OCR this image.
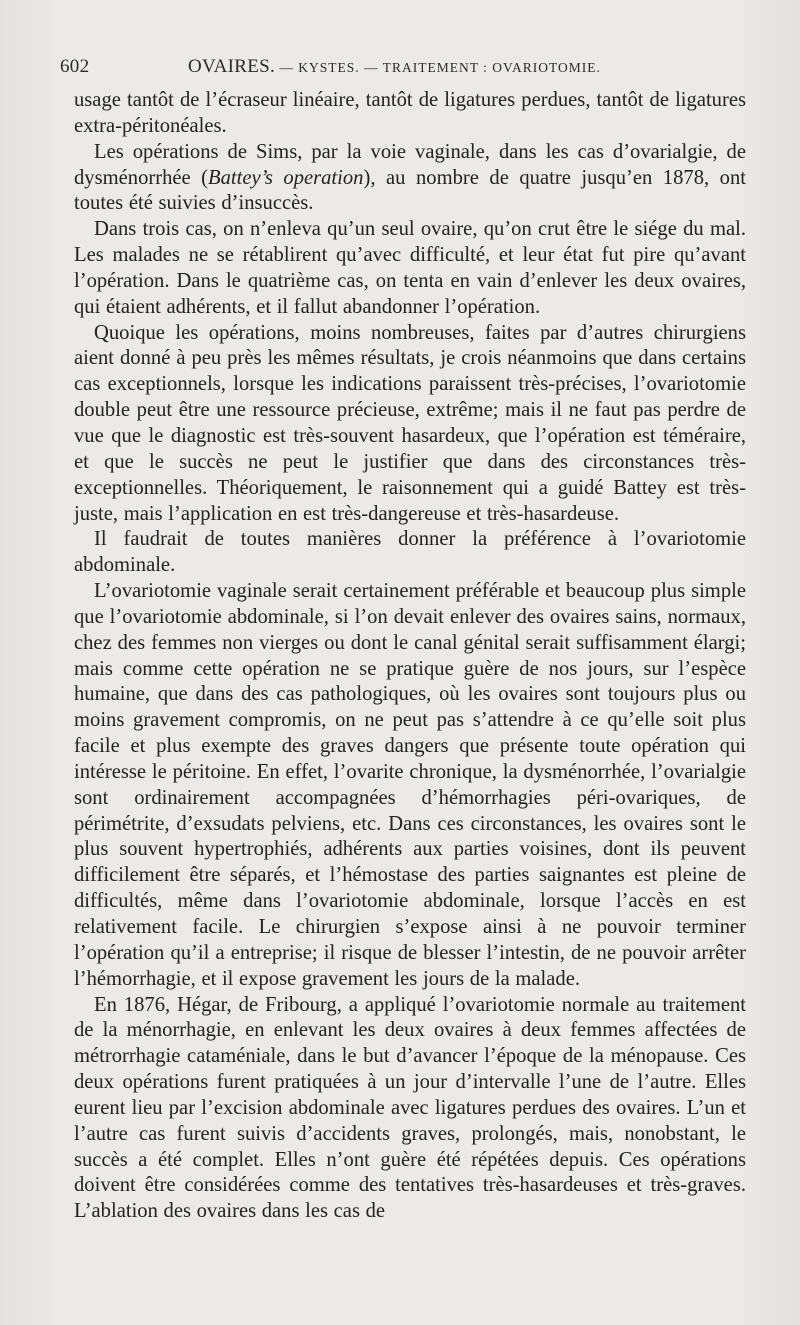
602	OVAIRES. — KYSTES. — TRAITEMENT : OVARIOTOMIE.

usage tantôt de l’écraseur linéaire, tantôt de ligatures perdues, tantôt de ligatures extra-péritonéales.

Les opérations de Sims, par la voie vaginale, dans les cas d’ovarialgie, de dysménorrhée (Battey’s operation), au nombre de quatre jusqu’en 1878, ont toutes été suivies d’insuccès.

Dans trois cas, on n’enleva qu’un seul ovaire, qu’on crut être le siége du mal. Les malades ne se rétablirent qu’avec difficulté, et leur état fut pire qu’avant l’opération. Dans le quatrième cas, on tenta en vain d’enlever les deux ovaires, qui étaient adhérents, et il fallut abandonner l’opération.

Quoique les opérations, moins nombreuses, faites par d’autres chirurgiens aient donné à peu près les mêmes résultats, je crois néanmoins que dans certains cas exceptionnels, lorsque les indications paraissent très-précises, l’ovariotomie double peut être une ressource précieuse, extrême; mais il ne faut pas perdre de vue que le diagnostic est très-souvent hasardeux, que l’opération est téméraire, et que le succès ne peut le justifier que dans des circonstances très-exceptionnelles. Théoriquement, le raisonnement qui a guidé Battey est très-juste, mais l’application en est très-dangereuse et très-hasardeuse.

Il faudrait de toutes manières donner la préférence à l’ovariotomie abdominale.

L’ovariotomie vaginale serait certainement préférable et beaucoup plus simple que l’ovariotomie abdominale, si l’on devait enlever des ovaires sains, normaux, chez des femmes non vierges ou dont le canal génital serait suffisamment élargi; mais comme cette opération ne se pratique guère de nos jours, sur l’espèce humaine, que dans des cas pathologiques, où les ovaires sont toujours plus ou moins gravement compromis, on ne peut pas s’attendre à ce qu’elle soit plus facile et plus exempte des graves dangers que présente toute opération qui intéresse le péritoine. En effet, l’ovarite chronique, la dysménorrhée, l’ovarialgie sont ordinairement accompagnées d’hémorrhagies péri-ovariques, de périmétrite, d’exsudats pelviens, etc. Dans ces circonstances, les ovaires sont le plus souvent hypertrophiés, adhérents aux parties voisines, dont ils peuvent difficilement être séparés, et l’hémostase des parties saignantes est pleine de difficultés, même dans l’ovariotomie abdominale, lorsque l’accès en est relativement facile. Le chirurgien s’expose ainsi à ne pouvoir terminer l’opération qu’il a entreprise; il risque de blesser l’intestin, de ne pouvoir arrêter l’hémorrhagie, et il expose gravement les jours de la malade.

En 1876, Hégar, de Fribourg, a appliqué l’ovariotomie normale au traitement de la ménorrhagie, en enlevant les deux ovaires à deux femmes affectées de métrorrhagie cataméniale, dans le but d’avancer l’époque de la ménopause. Ces deux opérations furent pratiquées à un jour d’intervalle l’une de l’autre. Elles eurent lieu par l’excision abdominale avec ligatures perdues des ovaires. L’un et l’autre cas furent suivis d’accidents graves, prolongés, mais, nonobstant, le succès a été complet. Elles n’ont guère été répétées depuis. Ces opérations doivent être considérées comme des tentatives très-hasardeuses et très-graves. L’ablation des ovaires dans les cas de
